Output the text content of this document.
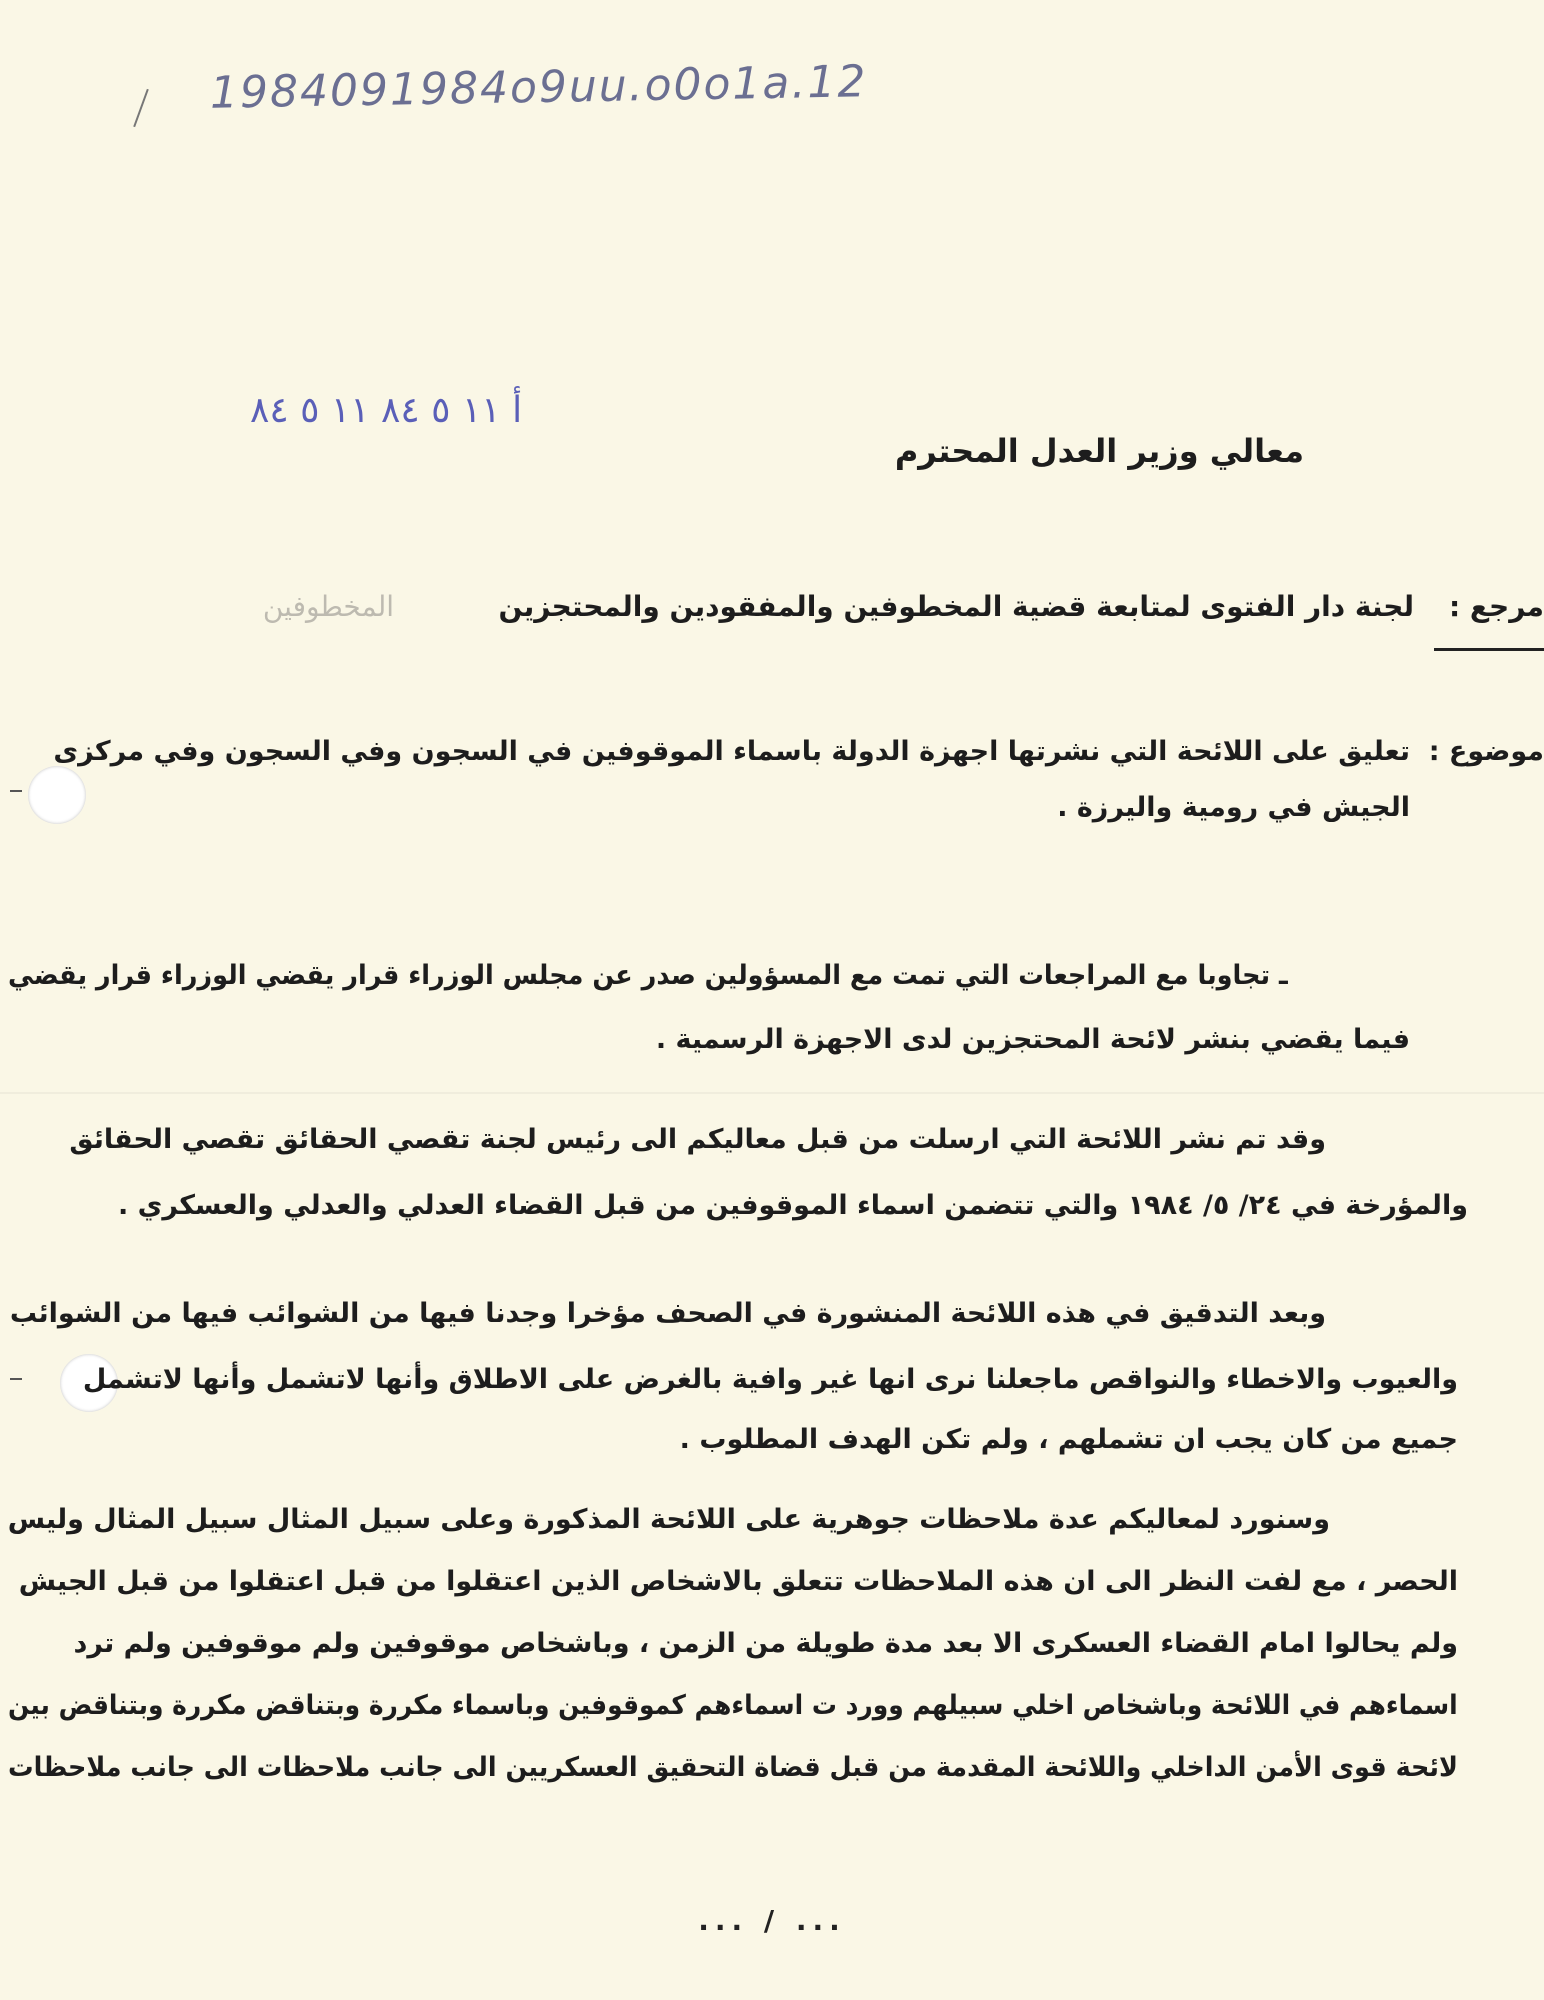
1984091984o9uu.o0o1a.12
أ ١١ ٥ ٨٤ ١١ ٥ ٨٤
معالي وزير العدل المحترم
مرجع :
لجنة دار الفتوى لمتابعة قضية المخطوفين والمفقودين والمحتجزين
المخطوفين
موضوع :
تعليق على اللائحة التي نشرتها اجهزة الدولة باسماء الموقوفين في السجون وفي السجون وفي مركزى
الجيش في رومية واليرزة .
ـ تجاوبا مع المراجعات التي تمت مع المسؤولين صدر عن مجلس الوزراء قرار يقضي الوزراء قرار يقضي
فيما يقضي بنشر لائحة المحتجزين لدى الاجهزة الرسمية .
وقد تم نشر اللائحة التي ارسلت من قبل معاليكم الى رئيس لجنة تقصي الحقائق تقصي الحقائق
والمؤرخة في ٢٤/ ٥/ ١٩٨٤ والتي تتضمن اسماء الموقوفين من قبل القضاء العدلي والعدلي والعسكري .
وبعد التدقيق في هذه اللائحة المنشورة في الصحف مؤخرا وجدنا فيها من الشوائب فيها من الشوائب
والعيوب والاخطاء والنواقص ماجعلنا نرى انها غير وافية بالغرض على الاطلاق وأنها لاتشمل وأنها لاتشمل
جميع من كان يجب ان تشملهم ، ولم تكن الهدف المطلوب .
وسنورد لمعاليكم عدة ملاحظات جوهرية على اللائحة المذكورة وعلى سبيل المثال سبيل المثال وليس
الحصر ، مع لفت النظر الى ان هذه الملاحظات تتعلق بالاشخاص الذين اعتقلوا من قبل اعتقلوا من قبل الجيش
ولم يحالوا امام القضاء العسكرى الا بعد مدة طويلة من الزمن ، وباشخاص موقوفين ولم موقوفين ولم ترد
اسماءهم في اللائحة وباشخاص اخلي سبيلهم وورد ت اسماءهم كموقوفين وباسماء مكررة وبتناقض مكررة وبتناقض بين
لائحة قوى الأمن الداخلي واللائحة المقدمة من قبل قضاة التحقيق العسكريين الى جانب ملاحظات الى جانب ملاحظات
... / ...
